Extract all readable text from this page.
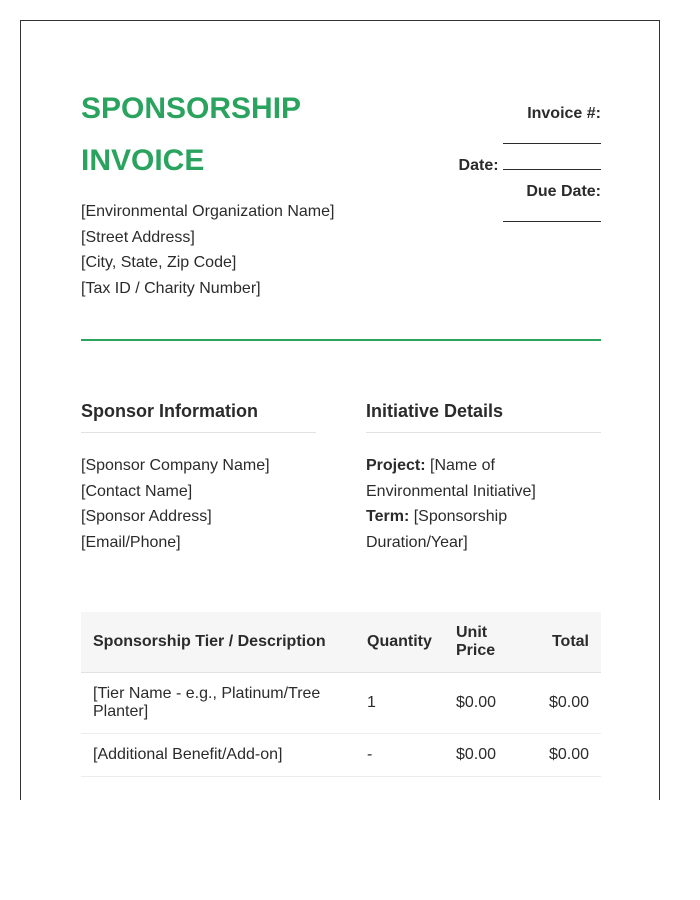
SPONSORSHIP
INVOICE
Invoice #:
Date:
Due Date:
[Environmental Organization Name]
[Street Address]
[City, State, Zip Code]
[Tax ID / Charity Number]
Sponsor Information	Initiative Details
[Sponsor Company Name]
[Contact Name]
[Sponsor Address]
[Email/Phone]
Project: [Name of Environmental Initiative]
Term: [Sponsorship Duration/Year]
Sponsorship Tier / Description	Quantity	Unit Price	Total
[Tier Name - e.g., Platinum/Tree Planter]	1	$0.00	$0.00
[Additional Benefit/Add-on]	-	$0.00	$0.00
